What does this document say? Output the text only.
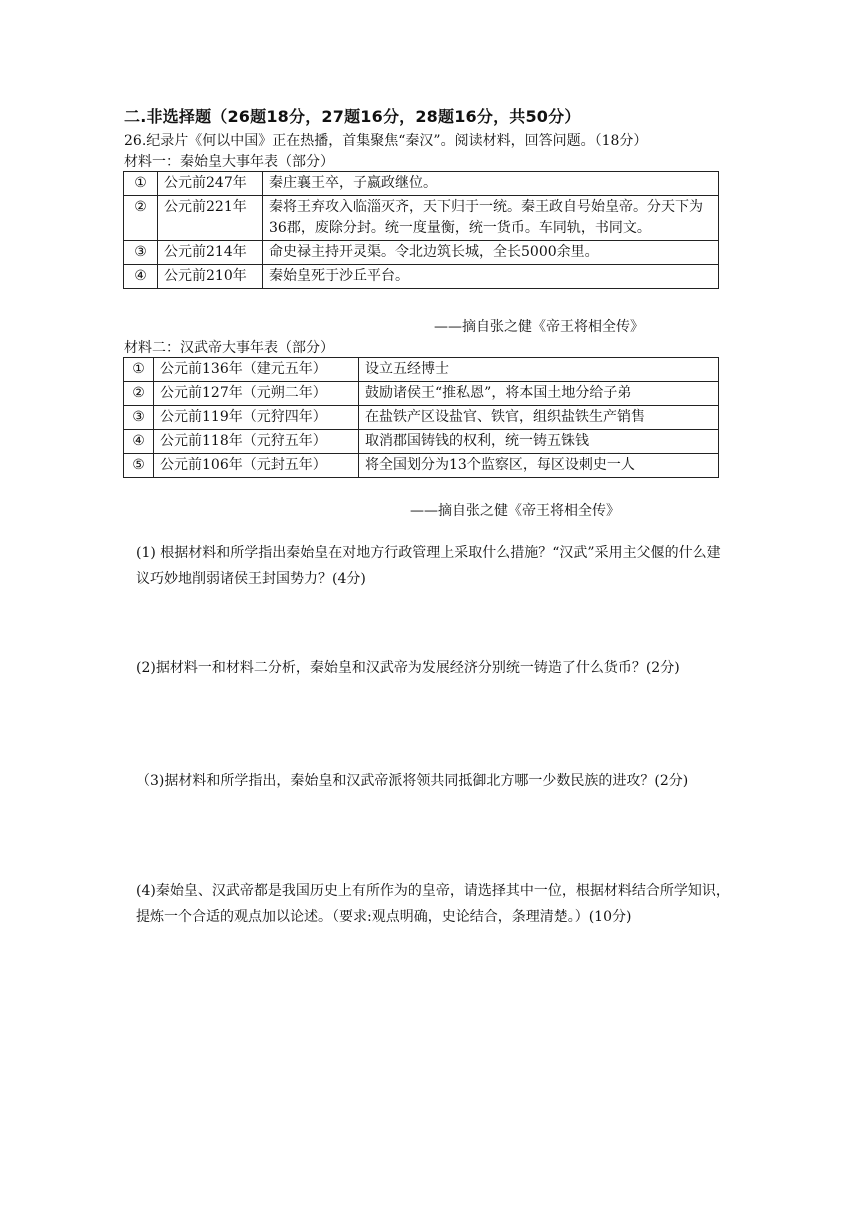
二.非选择题（26题18分，27题16分，28题16分，共50分）
26.纪录片《何以中国》正在热播，首集聚焦“秦汉”。阅读材料，回答问题。（18分）
材料一：秦始皇大事年表（部分）
①	公元前247年	秦庄襄王卒，子嬴政继位。
②	公元前221年	秦将王弃攻入临淄灭齐，天下归于一统。秦王政自号始皇帝。分天下为36郡，废除分封。统一度量衡，统一货币。车同轨，书同文。
③	公元前214年	命史禄主持开灵渠。令北边筑长城，全长5000余里。
④	公元前210年	秦始皇死于沙丘平台。
——摘自张之健《帝王将相全传》
材料二：汉武帝大事年表（部分）
①	公元前136年（建元五年）	设立五经博士
②	公元前127年（元朔二年）	鼓励诸侯王“推私恩”，将本国土地分给子弟
③	公元前119年（元狩四年）	在盐铁产区设盐官、铁官，组织盐铁生产销售
④	公元前118年（元狩五年）	取消郡国铸钱的权利，统一铸五铢钱
⑤	公元前106年（元封五年）	将全国划分为13个监察区，每区设刺史一人
——摘自张之健《帝王将相全传》
(1) 根据材料和所学指出秦始皇在对地方行政管理上采取什么措施？“汉武”采用主父偃的什么建议巧妙地削弱诸侯王封国势力？(4分)
(2)据材料一和材料二分析，秦始皇和汉武帝为发展经济分别统一铸造了什么货币？(2分)
（3)据材料和所学指出，秦始皇和汉武帝派将领共同抵御北方哪一少数民族的进攻？(2分)
(4)秦始皇、汉武帝都是我国历史上有所作为的皇帝，请选择其中一位，根据材料结合所学知识，提炼一个合适的观点加以论述。（要求:观点明确，史论结合，条理清楚。）(10分)
